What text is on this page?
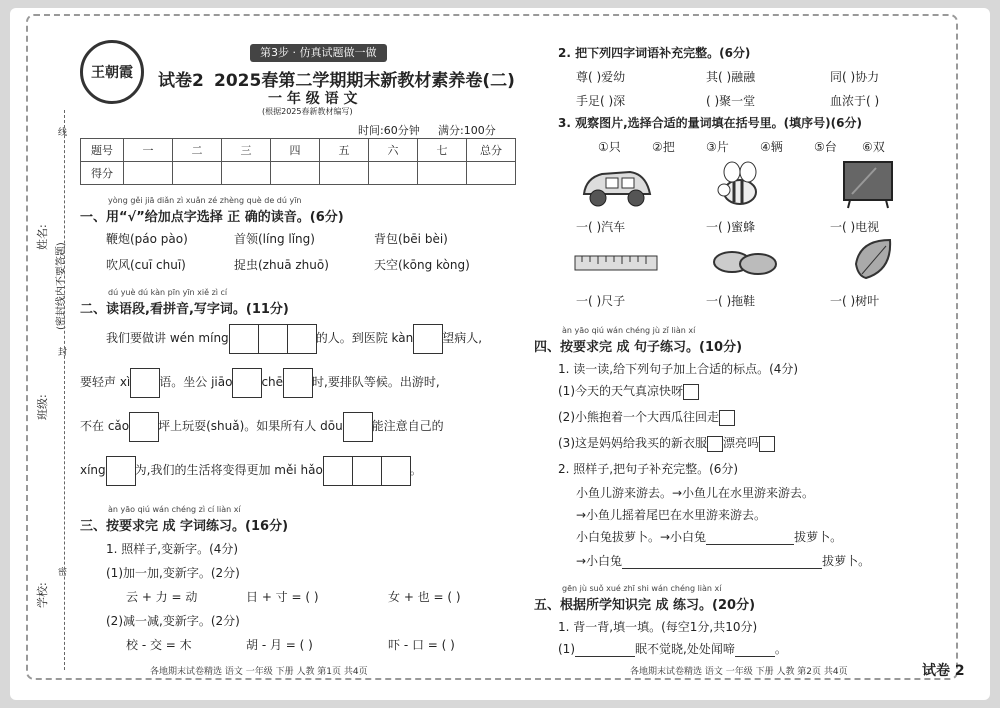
姓名:
班级:
学校:
(密封线内不要答题)
线
封
密
王朝霞
第3步 · 仿真试题做一做
试卷2 2025春第二学期期末新教材素养卷(二)
一 年 级 语 文
(根据2025春新教材编写)
时间:60分钟 满分:100分
题号	一	二	三	四	五	六	七	总分
得分								
yòng gěi jiā diǎn zì xuǎn zé zhèng què de dú yīn
一、用“√”给加点字选择 正 确的读音。(6分)
鞭炮(páo pào)	首领(líng lǐng)	背包(bēi bèi)
吹风(cuī chuī)	捉虫(zhuā zhuō)	天空(kōng kòng)
dú yuè dú kàn pīn yīn xiě zì cí
二、读语段,看拼音,写字词。(11分)
我们要做讲 wén míng	的人。到医院 kàn 望病人,
要轻声 xì 语。坐公 jiāo chē 时,要排队等候。出游时,
不在 cǎo 坪上玩耍(shuǎ)。如果所有人 dōu 能注意自己的
xíng 为,我们的生活将变得更加 měi hǎo	。
àn yāo qiú wán chéng zì cí liàn xí
三、按要求完 成 字词练习。(16分)
1. 照样子,变新字。(4分)
(1)加一加,变新字。(2分)
云 + 力 = 动	日 + 寸 = ( )	女 + 也 = ( )
(2)减一减,变新字。(2分)
校 - 交 = 木	胡 - 月 = ( )	吓 - 口 = ( )
各地期末试卷精选 语文 一年级 下册 人教 第1页 共4页
2. 把下列四字词语补充完整。(6分)
尊( )爱幼	其( )融融	同( )协力
手足( )深	( )聚一堂	血浓于( )
3. 观察图片,选择合适的量词填在括号里。(填序号)(6分)
①只	②把	③片	④辆	⑤台 ⑥双
一( )汽车	一( )蜜蜂	一( )电视
一( )尺子	一( )拖鞋	一( )树叶
àn yāo qiú wán chéng jù zǐ liàn xí
四、按要求完 成 句子练习。(10分)
1. 读一读,给下列句子加上合适的标点。(4分)
(1)今天的天气真凉快呀
(2)小熊抱着一个大西瓜往回走
(3)这是妈妈给我买的新衣服 漂亮吗
2. 照样子,把句子补充完整。(6分)
小鱼儿游来游去。→小鱼儿在水里游来游去。
→小鱼儿摇着尾巴在水里游来游去。
小白兔拔萝卜。→小白兔	拔萝卜。
→小白兔	拔萝卜。
gēn jù suǒ xué zhī shi wán chéng liàn xí
五、根据所学知识完 成 练习。(20分)
1. 背一背,填一填。(每空1分,共10分)
(1)	眠不觉晓,处处闻啼	。
各地期末试卷精选 语文 一年级 下册 人教 第2页 共4页	试卷 2
